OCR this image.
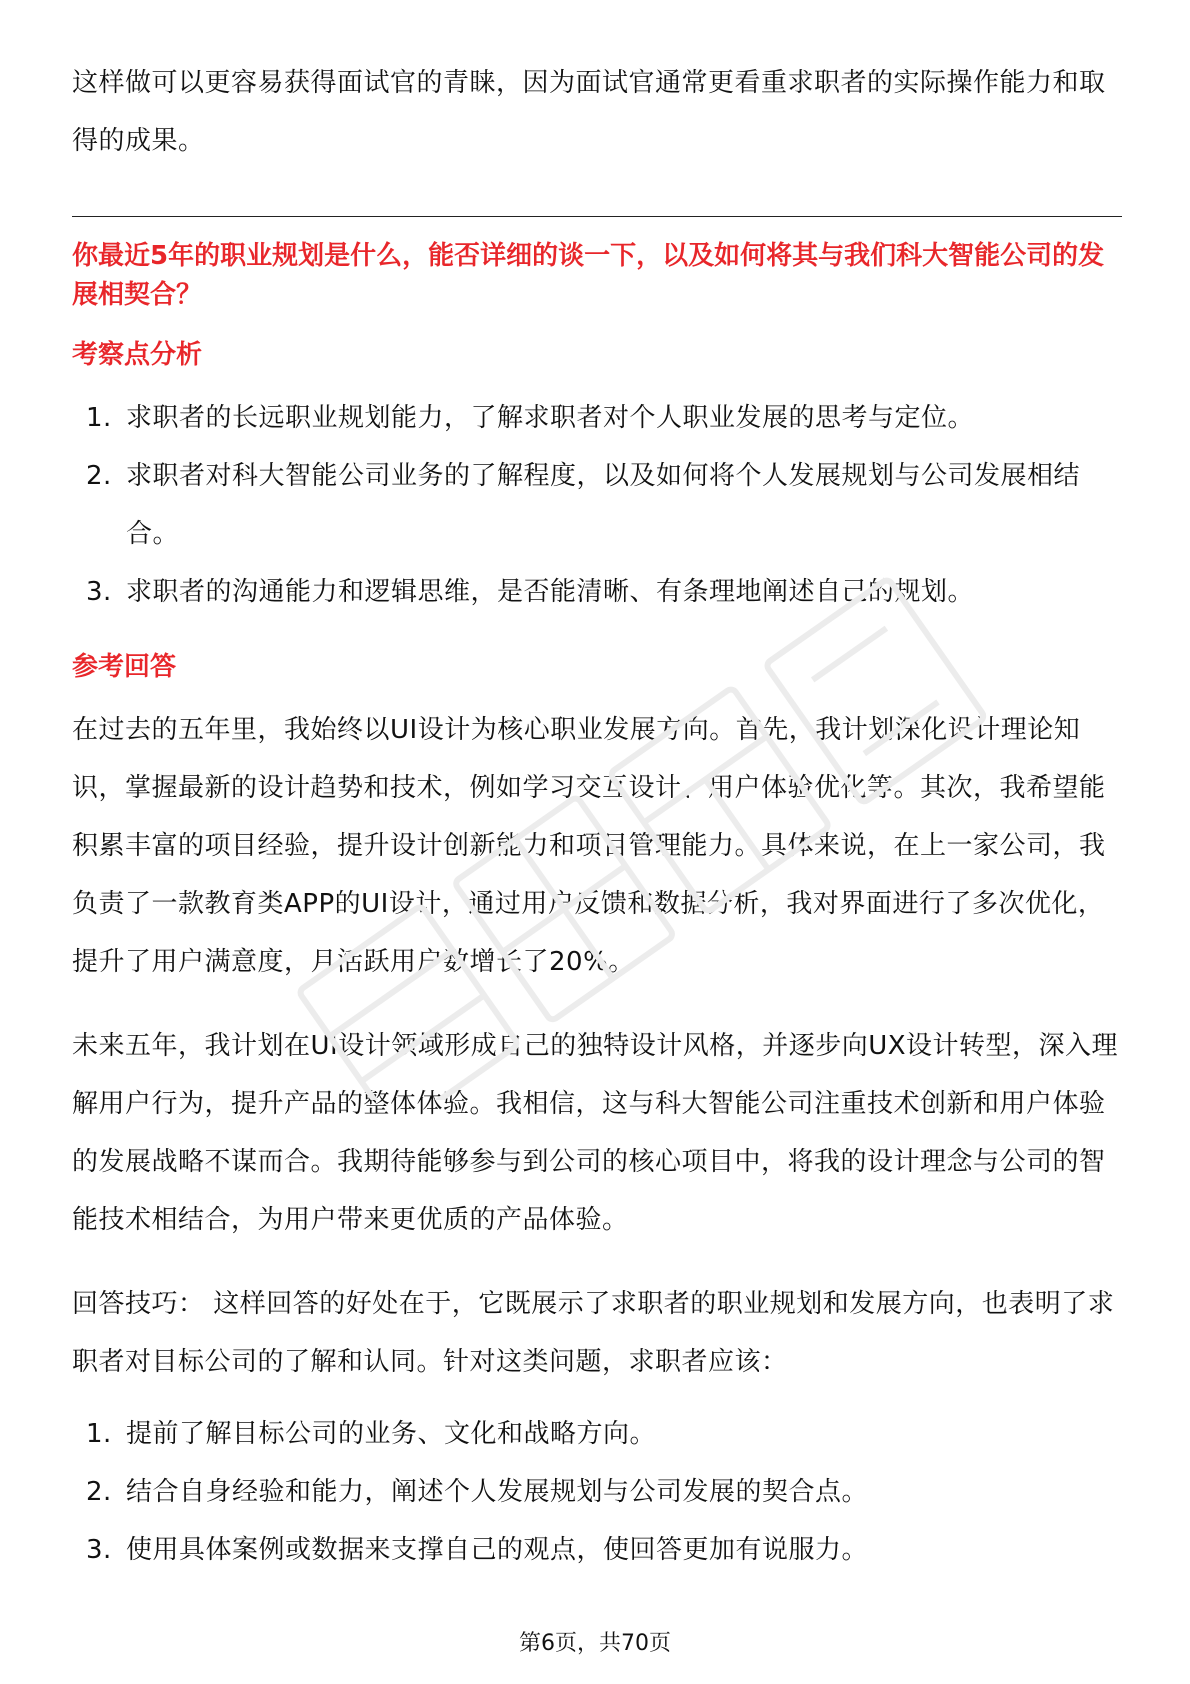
这样做可以更容易获得面试官的青睐，因为面试官通常更看重求职者的实际操作能力和取得的成果。

你最近5年的职业规划是什么，能否详细的谈一下，以及如何将其与我们科大智能公司的发展相契合？

考察点分析
1. 求职者的长远职业规划能力，了解求职者对个人职业发展的思考与定位。
2. 求职者对科大智能公司业务的了解程度，以及如何将个人发展规划与公司发展相结合。
3. 求职者的沟通能力和逻辑思维，是否能清晰、有条理地阐述自己的规划。
参考回答

在过去的五年里，我始终以UI设计为核心职业发展方向。首先，我计划深化设计理论知识，掌握最新的设计趋势和技术，例如学习交互设计、用户体验优化等。其次，我希望能积累丰富的项目经验，提升设计创新能力和项目管理能力。具体来说，在上一家公司，我负责了一款教育类APP的UI设计，通过用户反馈和数据分析，我对界面进行了多次优化，提升了用户满意度，月活跃用户数增长了20%。

未来五年，我计划在UI设计领域形成自己的独特设计风格，并逐步向UX设计转型，深入理解用户行为，提升产品的整体体验。我相信，这与科大智能公司注重技术创新和用户体验的发展战略不谋而合。我期待能够参与到公司的核心项目中，将我的设计理念与公司的智能技术相结合，为用户带来更优质的产品体验。

回答技巧： 这样回答的好处在于，它既展示了求职者的职业规划和发展方向，也表明了求职者对目标公司的了解和认同。针对这类问题，求职者应该：

1. 提前了解目标公司的业务、文化和战略方向。
2. 结合自身经验和能力，阐述个人发展规划与公司发展的契合点。
3. 使用具体案例或数据来支撑自己的观点，使回答更加有说服力。
第6页，共70页
